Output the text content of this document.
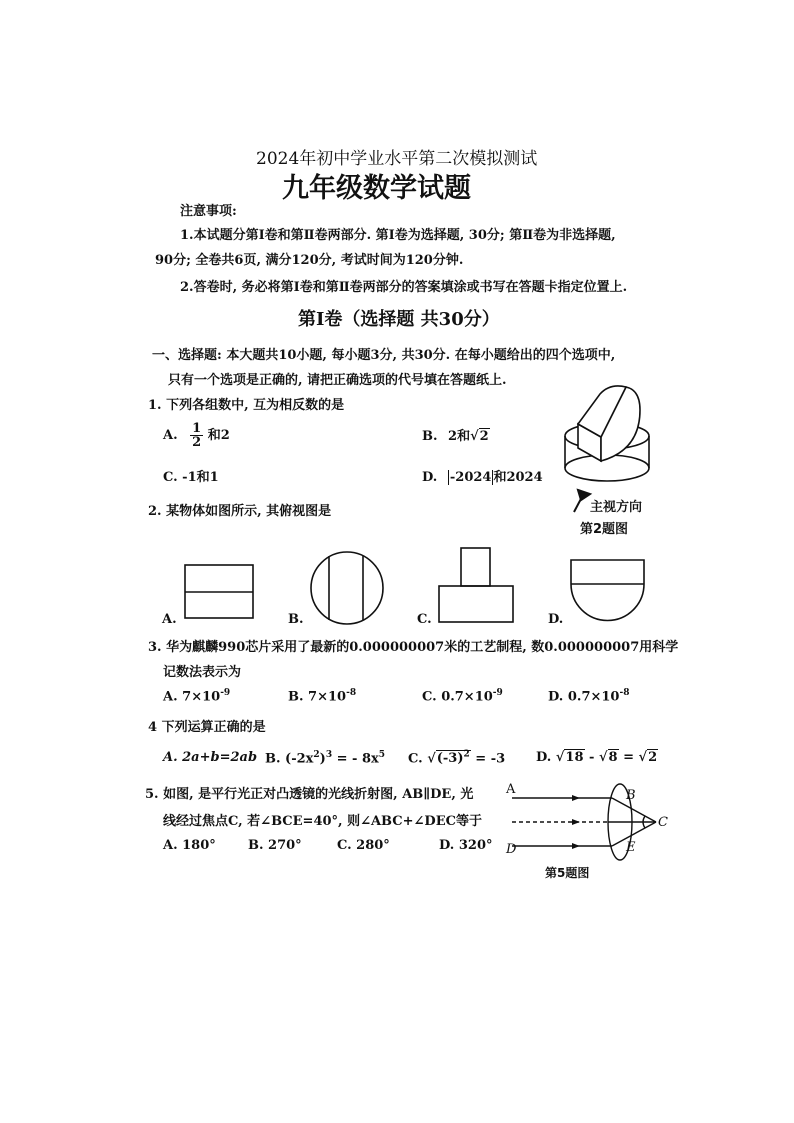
2024年初中学业水平第二次模拟测试
九年级数学试题
注意事项:
1.本试题分第Ⅰ卷和第Ⅱ卷两部分. 第Ⅰ卷为选择题, 30分; 第Ⅱ卷为非选择题,
90分; 全卷共6页, 满分120分, 考试时间为120分钟.
2.答卷时, 务必将第Ⅰ卷和第Ⅱ卷两部分的答案填涂或书写在答题卡指定位置上.
第Ⅰ卷（选择题 共30分）
一、选择题: 本大题共10小题, 每小题3分, 共30分. 在每小题给出的四个选项中,
只有一个选项是正确的, 请把正确选项的代号填在答题纸上.
1. 下列各组数中, 互为相反数的是
A. $\frac{1}{2}$ 和2	B. 2和√2
C. -1和1	D. -2024 和2024
2. 某物体如图所示, 其俯视图是	主视方向
第2题图
A.	B.	C.	D.
3. 华为麒麟990芯片采用了最新的0.000000007米的工艺制程, 数0.000000007用科学
记数法表示为
A. $7\times 10^{-9}$	B. $7\times 10^{-8}$	C. $0.7\times 10^{-9}$	D. $0.7\times 10^{-8}$
4 下列运算正确的是
A. 2a+b=2ab B. $(-2x^2)^3$ = - $8x^5$ C. $√(-3)^2 = -3$ D. √18 - √8 = √2
5. 如图, 是平行光正对凸透镜的光线折射图, AB∥DE, 光
线经过焦点C, 若∠BCE=40°, 则∠ABC+∠DEC等于
A. 180° B. 270°	C. 280°	D. 320°
A	B
C
D	E
第5题图
